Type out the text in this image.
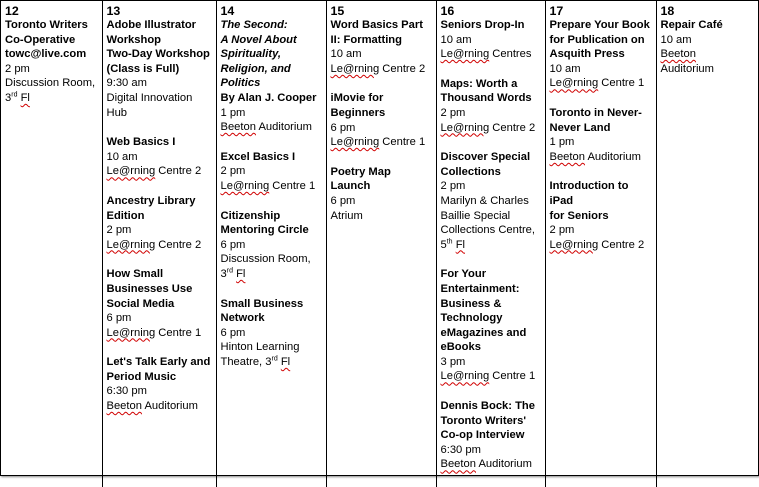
12
Toronto Writers
Co-Operative
towc@live.com
2 pm
Discussion Room,
3rd Fl

13
Adobe Illustrator
Workshop
Two-Day Workshop
(Class is Full)
9:30 am
Digital Innovation
Hub
Web Basics I
10 am
Le@rning Centre 2
Ancestry Library
Edition
2 pm
Le@rning Centre 2
How Small
Businesses Use
Social Media
6 pm
Le@rning Centre 1
Let's Talk Early and
Period Music
6:30 pm
Beeton Auditorium

14
The Second:
A Novel About
Spirituality,
Religion, and
Politics
By Alan J. Cooper
1 pm
Beeton Auditorium
Excel Basics I
2 pm
Le@rning Centre 1
Citizenship
Mentoring Circle
6 pm
Discussion Room,
3rd Fl
Small Business
Network
6 pm
Hinton Learning
Theatre, 3rd Fl

15
Word Basics Part
II: Formatting
10 am
Le@rning Centre 2
iMovie for
Beginners
6 pm
Le@rning Centre 1
Poetry Map
Launch
6 pm
Atrium

16
Seniors Drop-In
10 am
Le@rning Centres
Maps: Worth a
Thousand Words
2 pm
Le@rning Centre 2
Discover Special
Collections
2 pm
Marilyn & Charles
Baillie Special
Collections Centre,
5th Fl
For Your
Entertainment:
Business &
Technology
eMagazines and
eBooks
3 pm
Le@rning Centre 1
Dennis Bock: The
Toronto Writers'
Co-op Interview
6:30 pm
Beeton Auditorium

17
Prepare Your Book
for Publication on
Asquith Press
10 am
Le@rning Centre 1
Toronto in Never-
Never Land
1 pm
Beeton Auditorium
Introduction to iPad
for Seniors
2 pm
Le@rning Centre 2

18
Repair Café
10 am
Beeton
Auditorium
